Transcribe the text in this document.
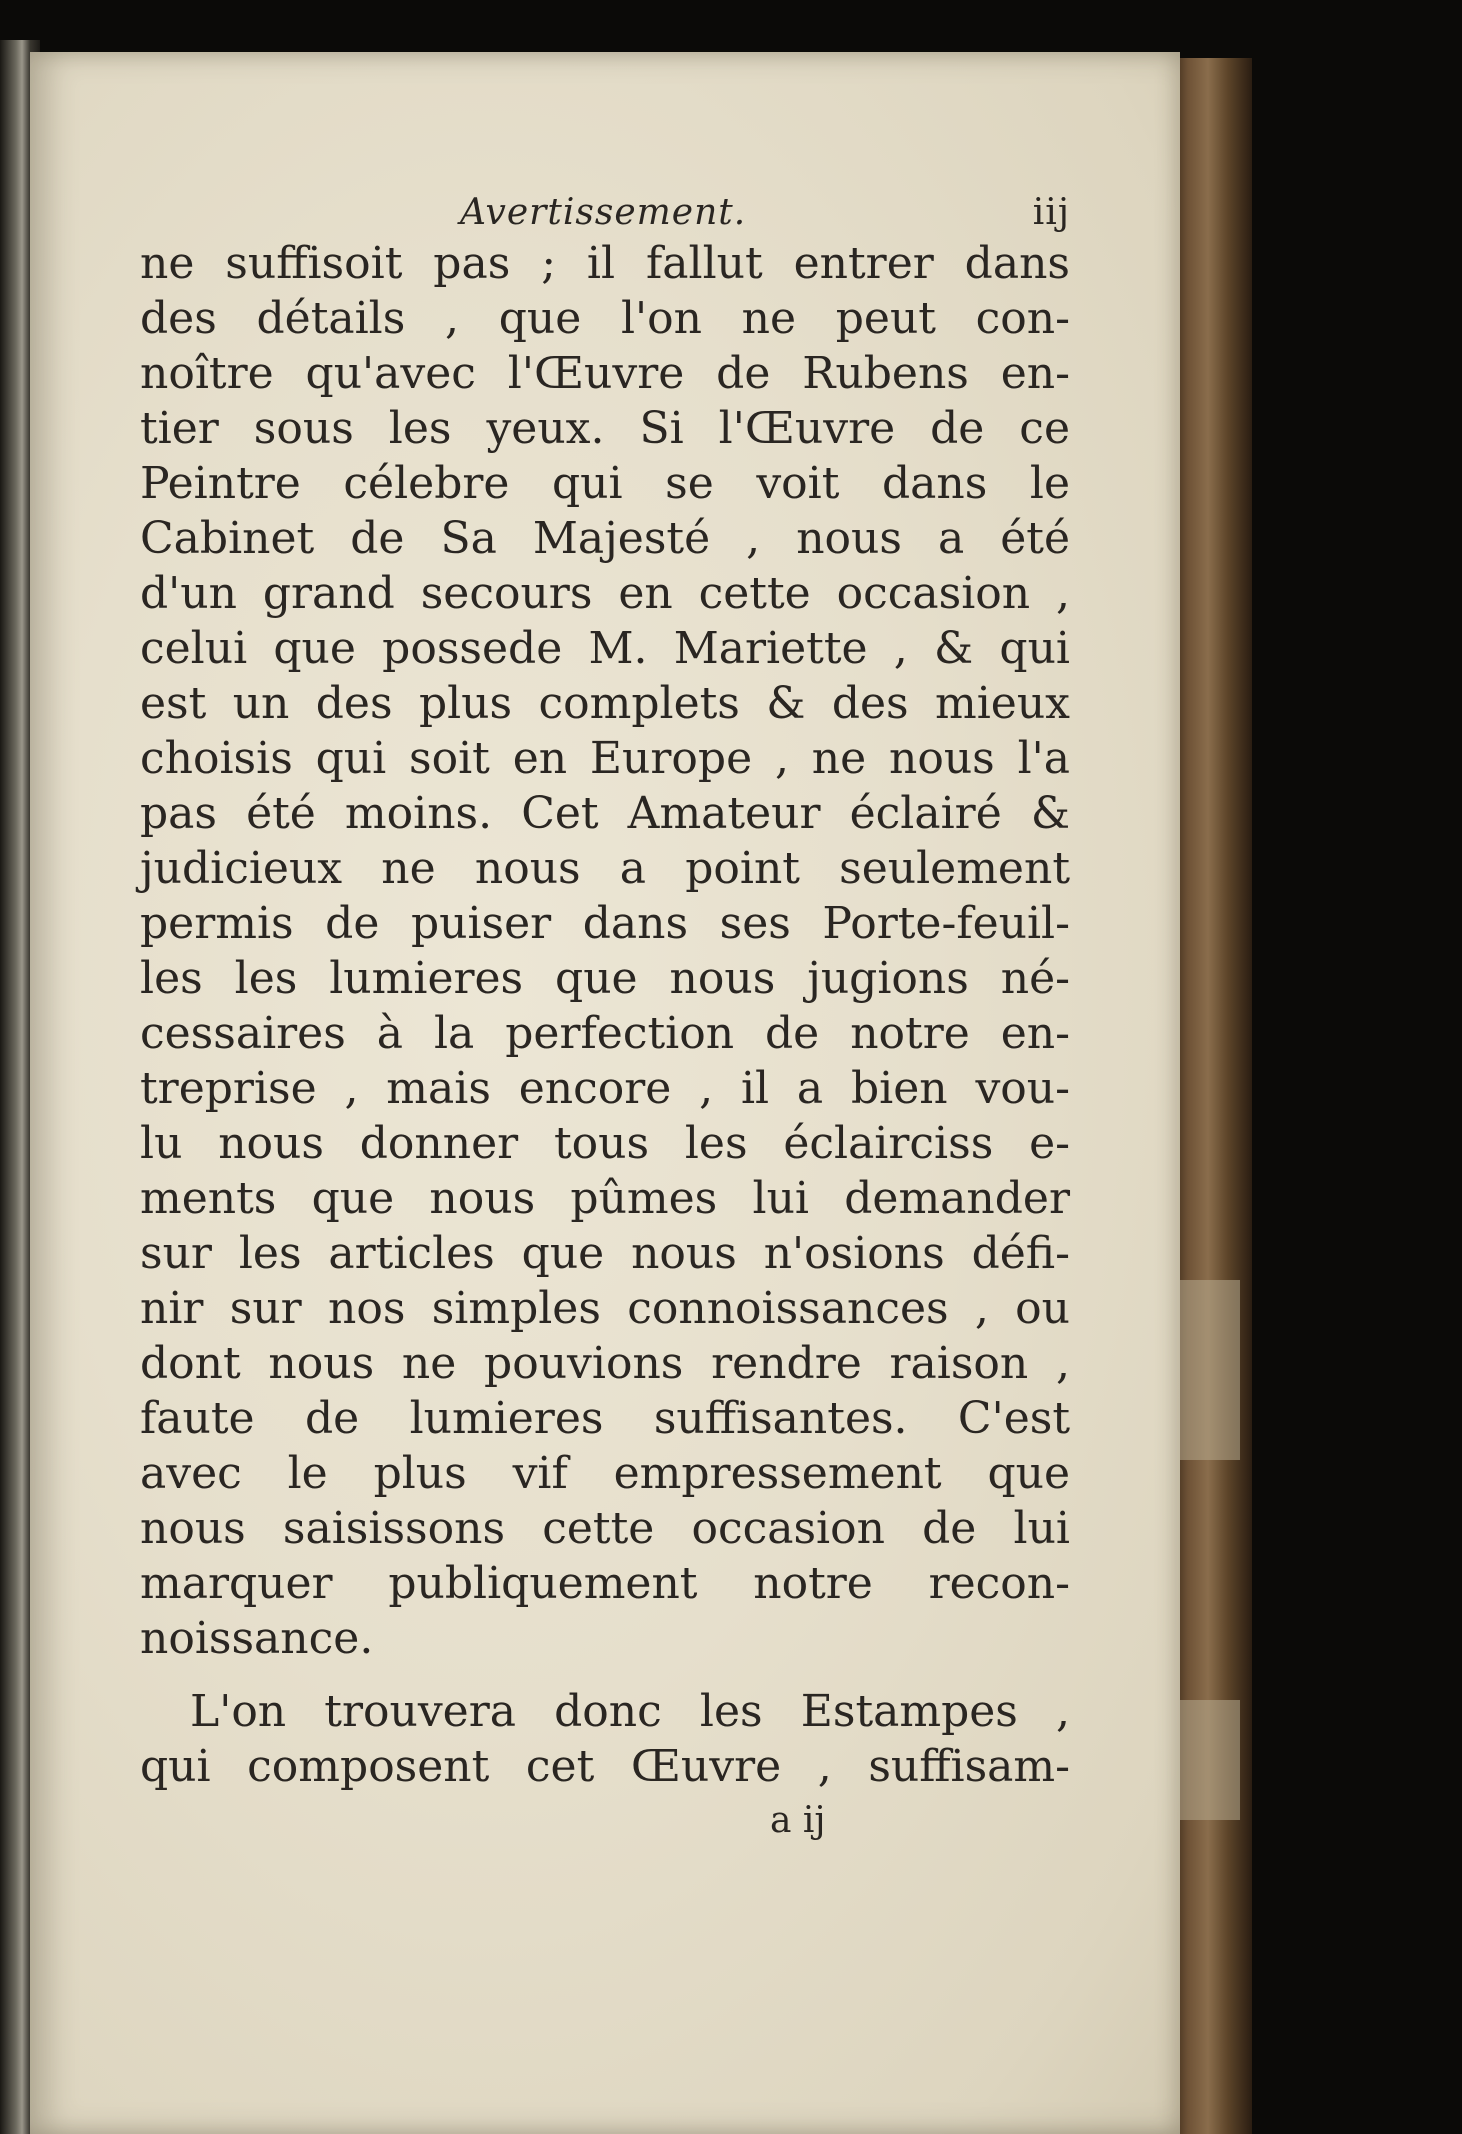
Avertissement.	iij
ne suffisoit pas ; il fallut entrer dans
des détails , que l'on ne peut con-
noître qu'avec l'Œuvre de Rubens en-
tier sous les yeux. Si l'Œuvre de ce
Peintre célebre qui se voit dans le
Cabinet de Sa Majesté , nous a été
d'un grand secours en cette occasion ,
celui que possede M. Mariette , & qui
est un des plus complets & des mieux
choisis qui soit en Europe , ne nous l'a
pas été moins. Cet Amateur éclairé &
judicieux ne nous a point seulement
permis de puiser dans ses Porte-feuil-
les les lumieres que nous jugions né-
cessaires à la perfection de notre en-
treprise , mais encore , il a bien vou-
lu nous donner tous les éclairciss e-
ments que nous pûmes lui demander
sur les articles que nous n'osions défi-
nir sur nos simples connoissances , ou
dont nous ne pouvions rendre raison ,
faute de lumieres suffisantes. C'est
avec le plus vif empressement que
nous saisissons cette occasion de lui
marquer publiquement notre recon-
noissance.
L'on trouvera donc les Estampes ,
qui composent cet Œuvre , suffisam-
a ij
